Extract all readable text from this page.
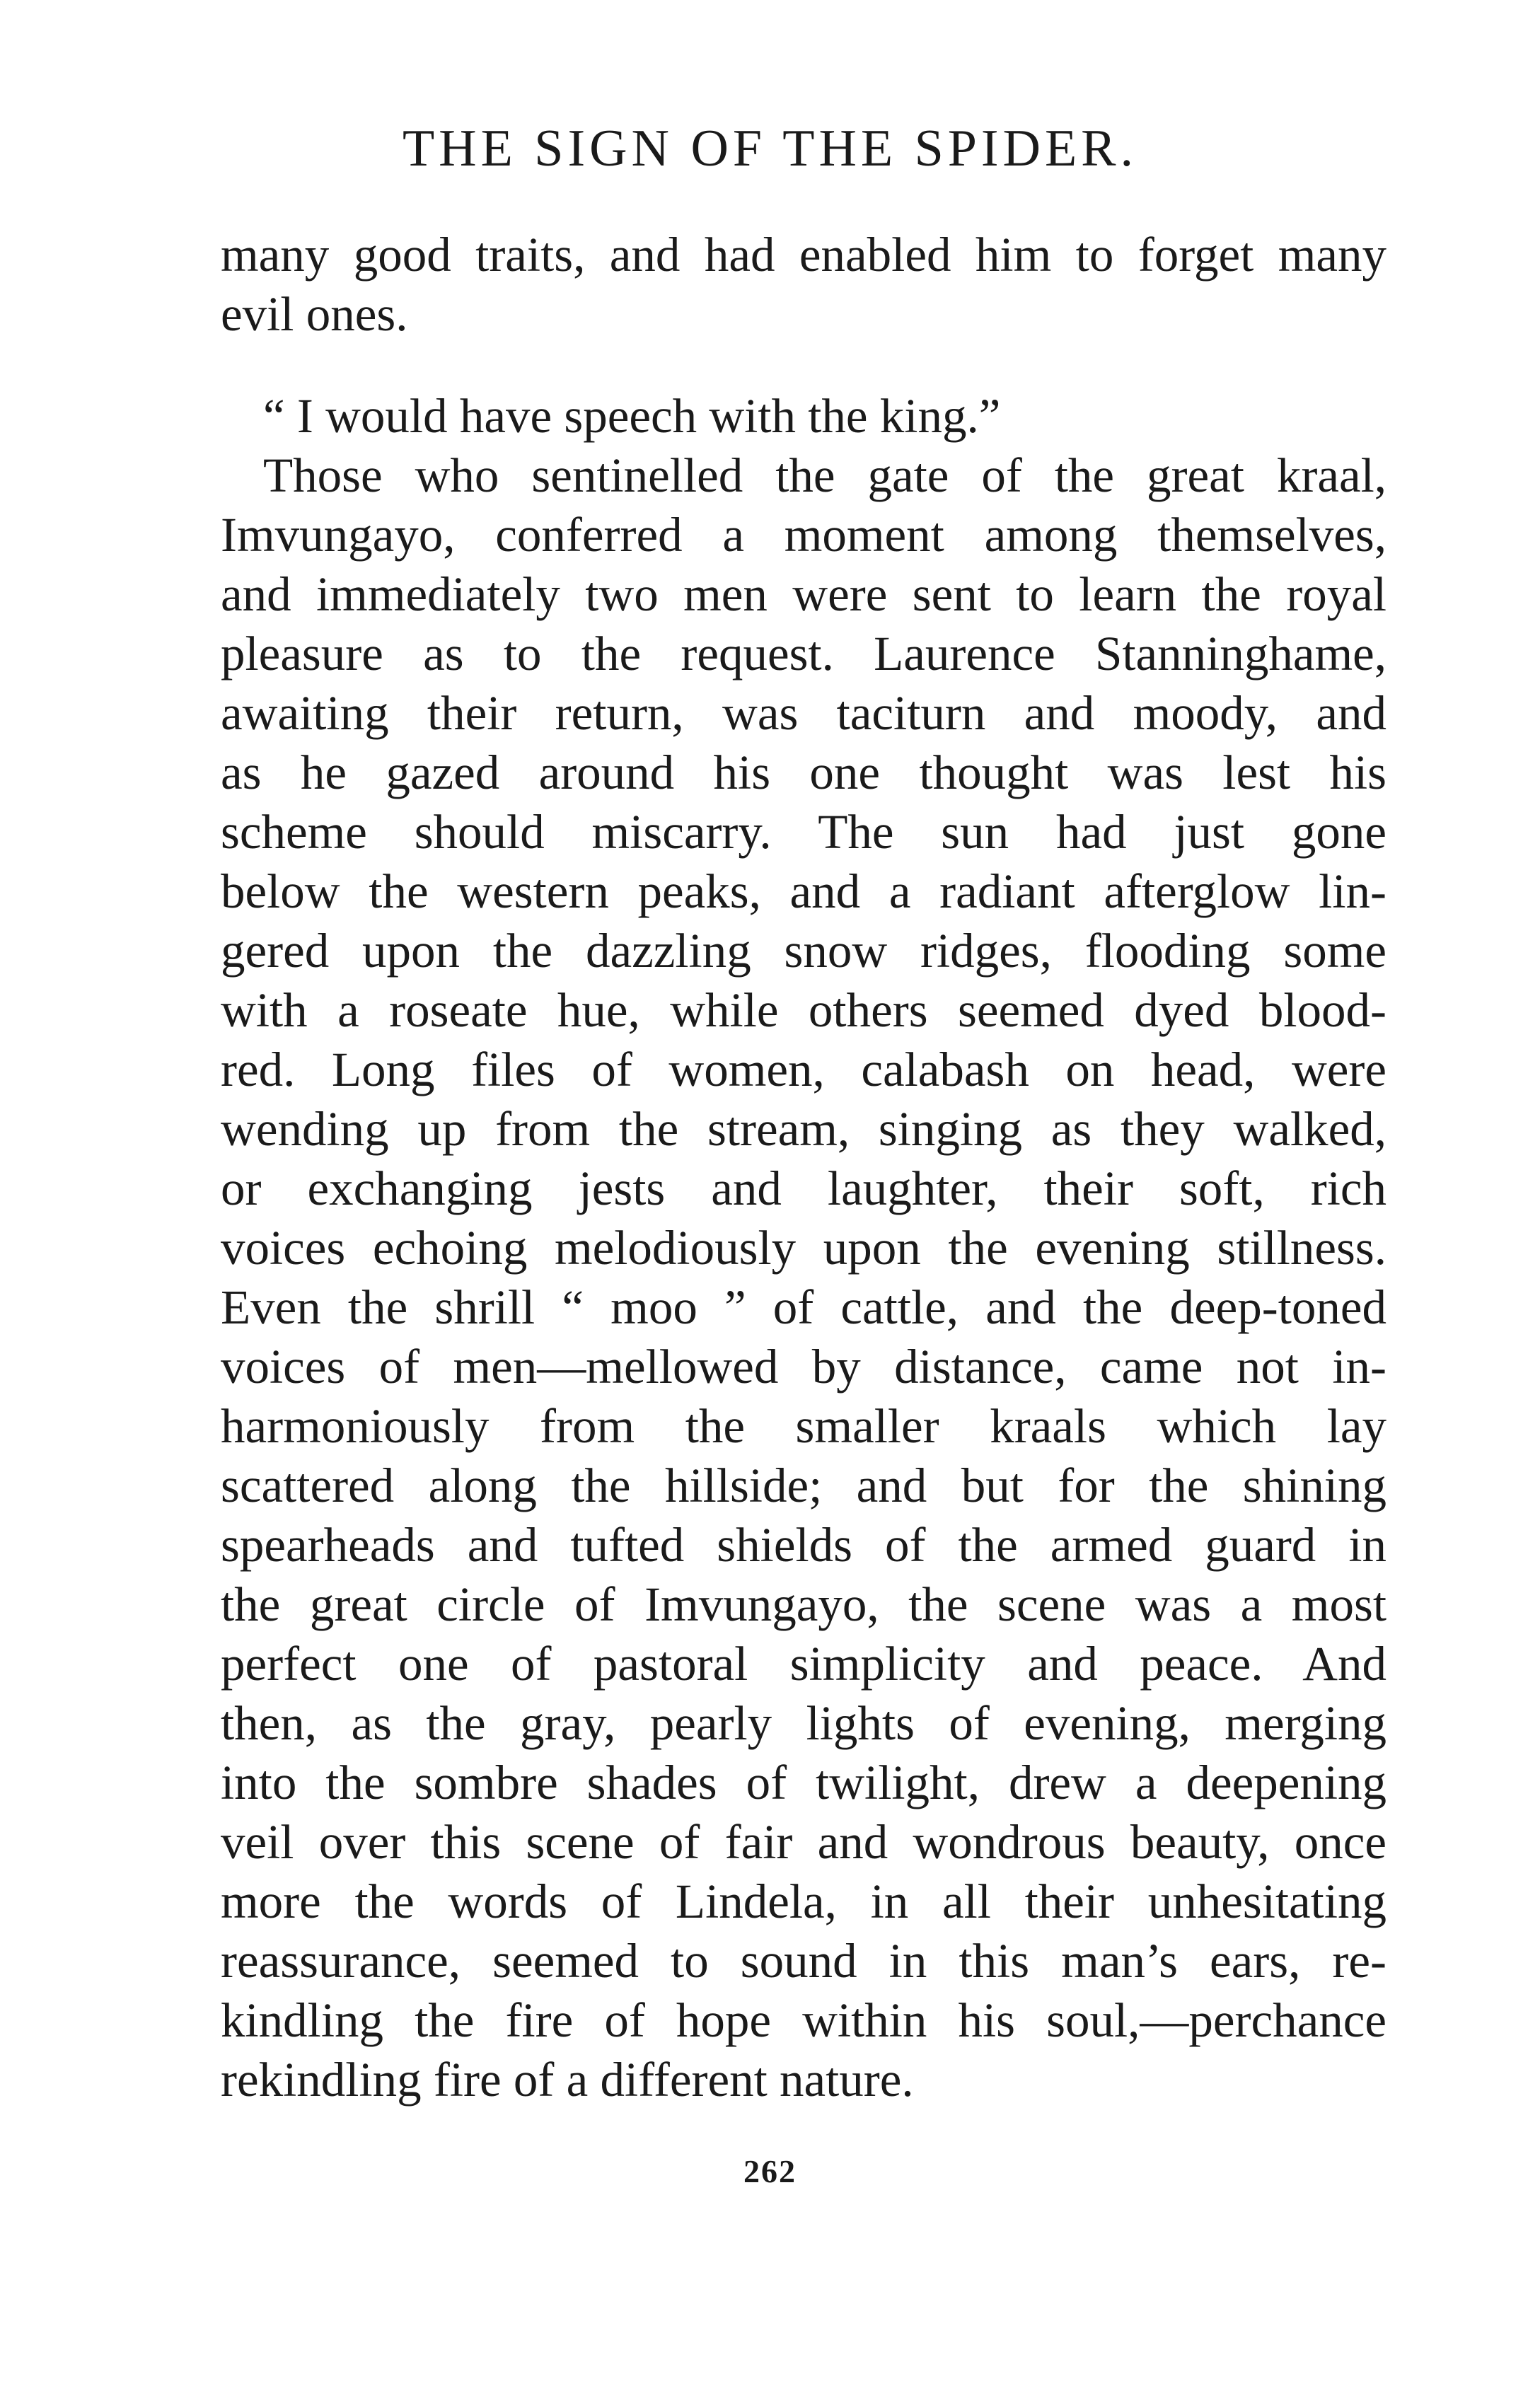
THE SIGN OF THE SPIDER.
many good traits, and had enabled him to forget many
evil ones.
“ I would have speech with the king.”
Those who sentinelled the gate of the great kraal,
Imvungayo, conferred a moment among themselves,
and immediately two men were sent to learn the royal
pleasure as to the request. Laurence Stanninghame,
awaiting their return, was taciturn and moody, and
as he gazed around his one thought was lest his
scheme should miscarry. The sun had just gone
below the western peaks, and a radiant afterglow lin-
gered upon the dazzling snow ridges, flooding some
with a roseate hue, while others seemed dyed blood-
red. Long files of women, calabash on head, were
wending up from the stream, singing as they walked,
or exchanging jests and laughter, their soft, rich
voices echoing melodiously upon the evening stillness.
Even the shrill “ moo ” of cattle, and the deep-toned
voices of men—mellowed by distance, came not in-
harmoniously from the smaller kraals which lay
scattered along the hillside; and but for the shining
spearheads and tufted shields of the armed guard in
the great circle of Imvungayo, the scene was a most
perfect one of pastoral simplicity and peace. And
then, as the gray, pearly lights of evening, merging
into the sombre shades of twilight, drew a deepening
veil over this scene of fair and wondrous beauty, once
more the words of Lindela, in all their unhesitating
reassurance, seemed to sound in this man’s ears, re-
kindling the fire of hope within his soul,—perchance
rekindling fire of a different nature.
262
